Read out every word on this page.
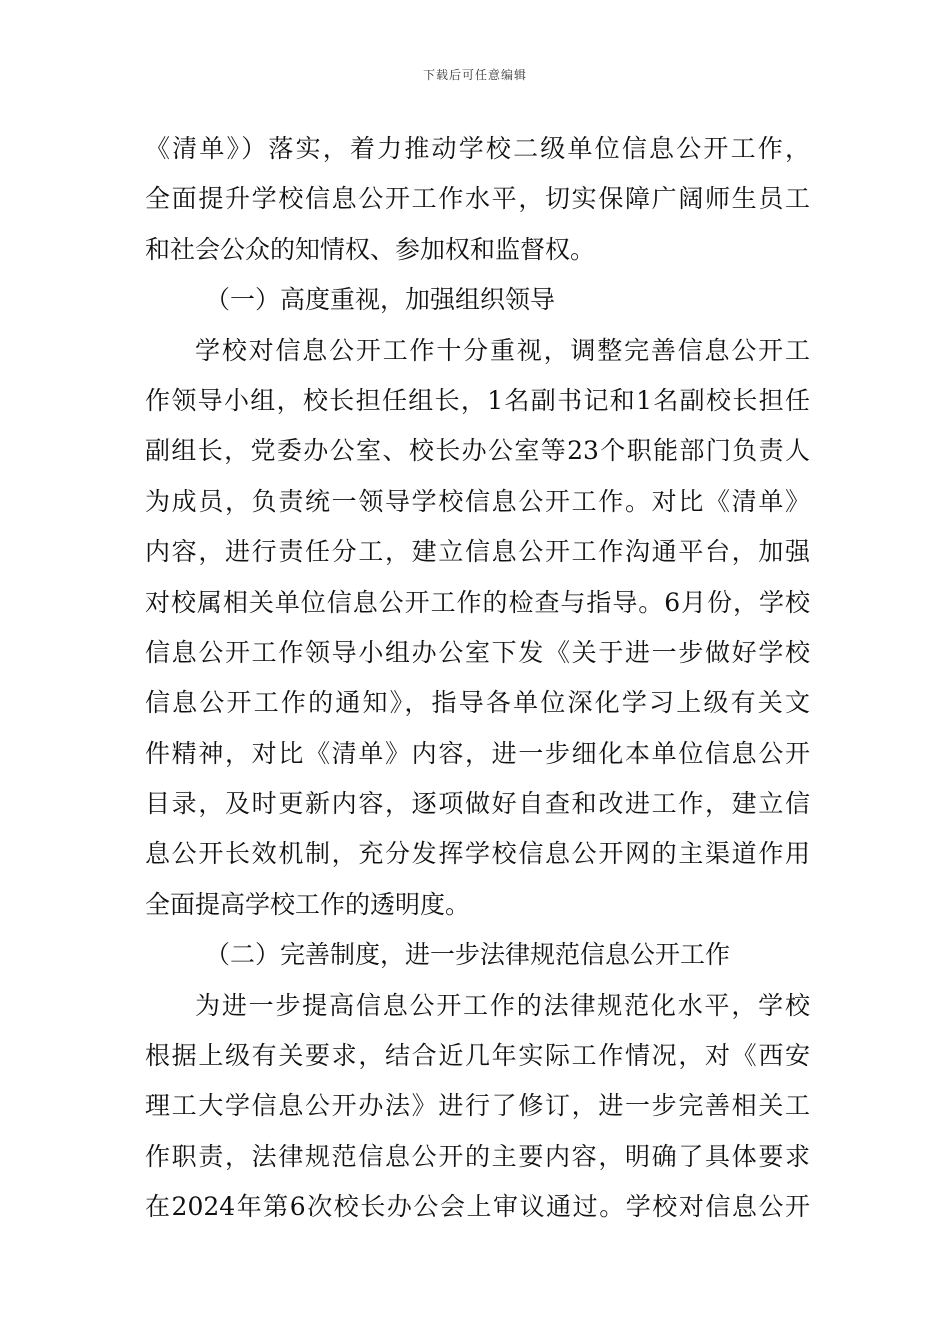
下载后可任意编辑
《清单》）落实，着力推动学校二级单位信息公开工作，
全面提升学校信息公开工作水平，切实保障广阔师生员工
和社会公众的知情权、参加权和监督权。
（一）高度重视，加强组织领导
学校对信息公开工作十分重视，调整完善信息公开工
作领导小组，校长担任组长，1名副书记和1名副校长担任
副组长，党委办公室、校长办公室等23个职能部门负责人
为成员，负责统一领导学校信息公开工作。对比《清单》
内容，进行责任分工，建立信息公开工作沟通平台，加强
对校属相关单位信息公开工作的检查与指导。6月份，学校
信息公开工作领导小组办公室下发《关于进一步做好学校
信息公开工作的通知》，指导各单位深化学习上级有关文
件精神，对比《清单》内容，进一步细化本单位信息公开
目录，及时更新内容，逐项做好自查和改进工作，建立信
息公开长效机制，充分发挥学校信息公开网的主渠道作用
全面提高学校工作的透明度。
（二）完善制度，进一步法律规范信息公开工作
为进一步提高信息公开工作的法律规范化水平，学校
根据上级有关要求，结合近几年实际工作情况，对《西安
理工大学信息公开办法》进行了修订，进一步完善相关工
作职责，法律规范信息公开的主要内容，明确了具体要求
在2024年第6次校长办公会上审议通过。学校对信息公开
